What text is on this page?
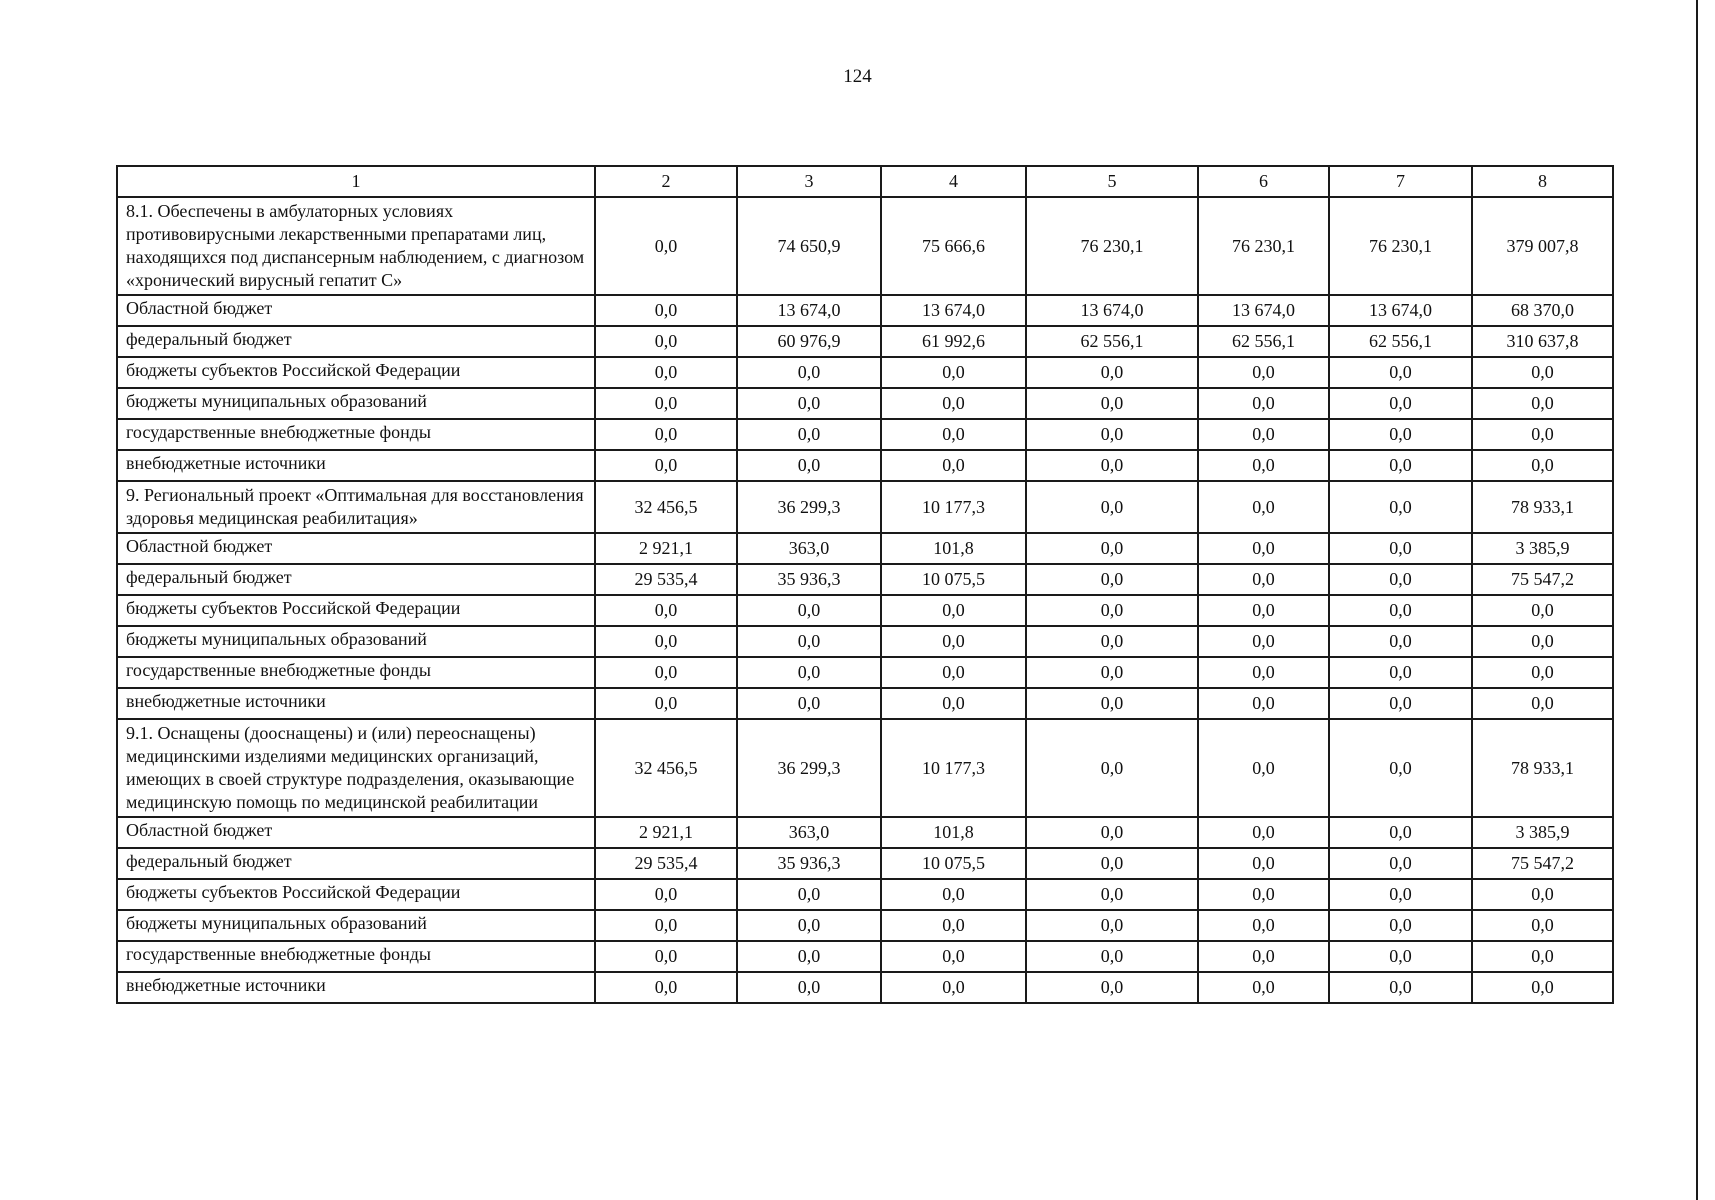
124
1	2	3	4	5	6	7	8
8.1. Обеспечены в амбулаторных условиях противовирусными лекарственными препаратами лиц, находящихся под диспансерным наблюдением, с диагнозом «хронический вирусный гепатит С»	0,0	74 650,9	75 666,6	76 230,1	76 230,1	76 230,1	379 007,8
Областной бюджет	0,0	13 674,0	13 674,0	13 674,0	13 674,0	13 674,0	68 370,0
федеральный бюджет	0,0	60 976,9	61 992,6	62 556,1	62 556,1	62 556,1	310 637,8
бюджеты субъектов Российской Федерации	0,0	0,0	0,0	0,0	0,0	0,0	0,0
бюджеты муниципальных образований	0,0	0,0	0,0	0,0	0,0	0,0	0,0
государственные внебюджетные фонды	0,0	0,0	0,0	0,0	0,0	0,0	0,0
внебюджетные источники	0,0	0,0	0,0	0,0	0,0	0,0	0,0
9. Региональный проект «Оптимальная для восстановления здоровья медицинская реабилитация»	32 456,5	36 299,3	10 177,3	0,0	0,0	0,0	78 933,1
Областной бюджет	2 921,1	363,0	101,8	0,0	0,0	0,0	3 385,9
федеральный бюджет	29 535,4	35 936,3	10 075,5	0,0	0,0	0,0	75 547,2
бюджеты субъектов Российской Федерации	0,0	0,0	0,0	0,0	0,0	0,0	0,0
бюджеты муниципальных образований	0,0	0,0	0,0	0,0	0,0	0,0	0,0
государственные внебюджетные фонды	0,0	0,0	0,0	0,0	0,0	0,0	0,0
внебюджетные источники	0,0	0,0	0,0	0,0	0,0	0,0	0,0
9.1. Оснащены (дооснащены) и (или) переоснащены) медицинскими изделиями медицинских организаций, имеющих в своей структуре подразделения, оказывающие медицинскую помощь по медицинской реабилитации	32 456,5	36 299,3	10 177,3	0,0	0,0	0,0	78 933,1
Областной бюджет	2 921,1	363,0	101,8	0,0	0,0	0,0	3 385,9
федеральный бюджет	29 535,4	35 936,3	10 075,5	0,0	0,0	0,0	75 547,2
бюджеты субъектов Российской Федерации	0,0	0,0	0,0	0,0	0,0	0,0	0,0
бюджеты муниципальных образований	0,0	0,0	0,0	0,0	0,0	0,0	0,0
государственные внебюджетные фонды	0,0	0,0	0,0	0,0	0,0	0,0	0,0
внебюджетные источники	0,0	0,0	0,0	0,0	0,0	0,0	0,0
